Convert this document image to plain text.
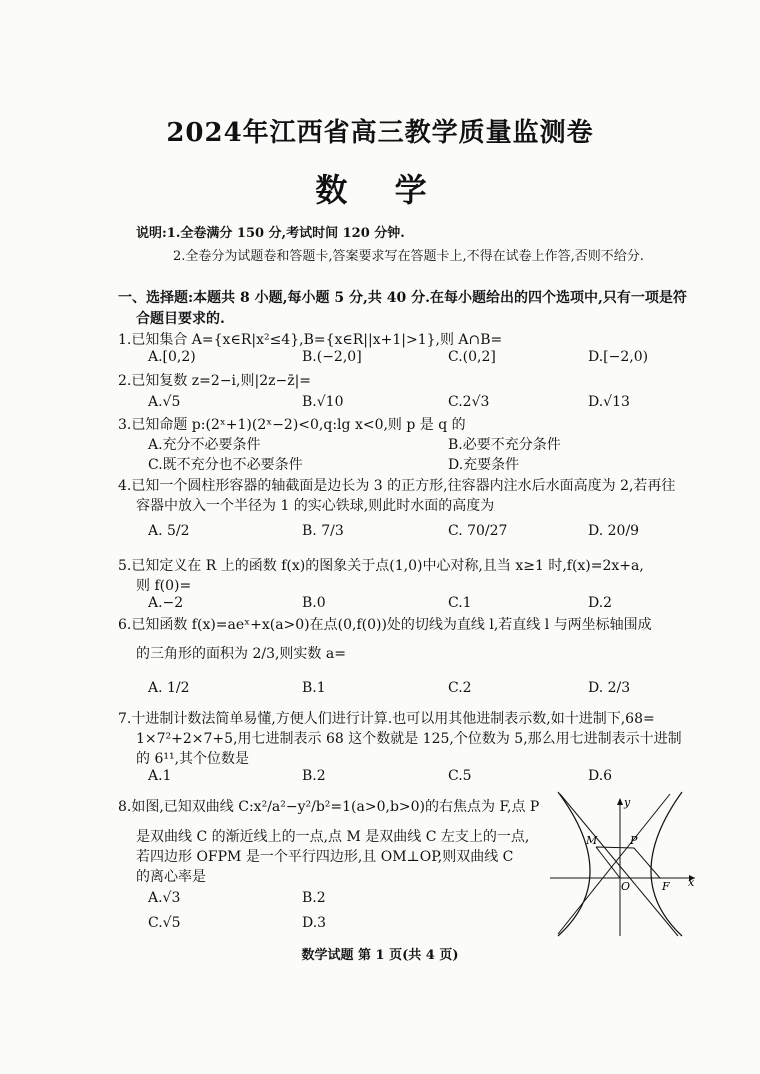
2024年江西省高三教学质量监测卷
数 学
说明:1.全卷满分 150 分,考试时间 120 分钟.
2.全卷分为试题卷和答题卡,答案要求写在答题卡上,不得在试卷上作答,否则不给分.
一、选择题:本题共 8 小题,每小题 5 分,共 40 分.在每小题给出的四个选项中,只有一项是符
合题目要求的.
1.已知集合 A={x∈R|x²≤4},B={x∈R||x+1|>1},则 A∩B=
A.[0,2)	B.(−2,0]	C.(0,2]	D.[−2,0)
2.已知复数 z=2−i,则|2z−z̄|=
A.√5	B.√10	C.2√3	D.√13
3.已知命题 p:(2ˣ+1)(2ˣ−2)<0,q:lg x<0,则 p 是 q 的
A.充分不必要条件	B.必要不充分条件
C.既不充分也不必要条件	D.充要条件
4.已知一个圆柱形容器的轴截面是边长为 3 的正方形,往容器内注水后水面高度为 2,若再往
容器中放入一个半径为 1 的实心铁球,则此时水面的高度为
A. 5/2	B. 7/3	C. 70/27	D. 20/9
5.已知定义在 R 上的函数 f(x)的图象关于点(1,0)中心对称,且当 x≥1 时,f(x)=2x+a,
则 f(0)=
A.−2	B.0	C.1	D.2
6.已知函数 f(x)=aeˣ+x(a>0)在点(0,f(0))处的切线为直线 l,若直线 l 与两坐标轴围成
的三角形的面积为 2/3,则实数 a=
A. 1/2	B.1	C.2	D. 2/3
7.十进制计数法简单易懂,方便人们进行计算.也可以用其他进制表示数,如十进制下,68=
1×7²+2×7+5,用七进制表示 68 这个数就是 125,个位数为 5,那么用七进制表示十进制
的 6¹¹,其个位数是
A.1	B.2	C.5	D.6
8.如图,已知双曲线 C:x²/a²−y²/b²=1(a>0,b>0)的右焦点为 F,点 P
是双曲线 C 的渐近线上的一点,点 M 是双曲线 C 左支上的一点,
若四边形 OFPM 是一个平行四边形,且 OM⊥OP,则双曲线 C
的离心率是
A.√3	B.2
C.√5	D.3
y
x
M	P
O	F
数学试题 第 1 页(共 4 页)
